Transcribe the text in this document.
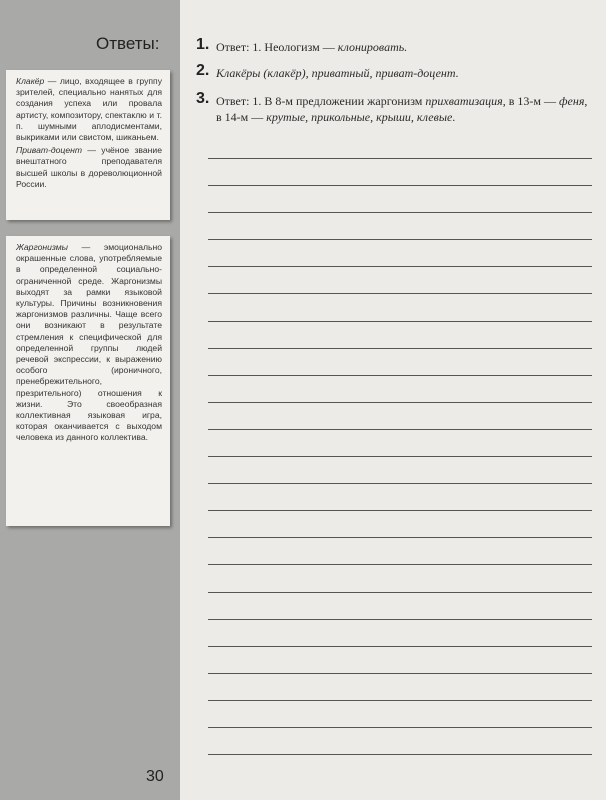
Ответы:

Клакёр — лицо, входящее в группу зрителей, специально нанятых для создания успеха или провала артисту, композитору, спектаклю и т. п. шумными аплодисментами, выкриками или свистом, шиканьем.

Приват-доцент — учёное звание внештатного преподавателя высшей школы в дореволюционной России.

Жаргонизмы — эмоционально окрашенные слова, употребляемые в определенной социально-ограниченной среде. Жаргонизмы выходят за рамки языковой культуры. Причины возникновения жаргонизмов различны. Чаще всего они возникают в результате стремления к специфической для определенной группы людей речевой экспрессии, к выражению особого (ироничного, пренебрежительного, презрительного) отношения к жизни. Это своеобразная коллективная языковая игра, которая оканчивается с выходом человека из данного коллектива.

30
1. Ответ: 1. Неологизм — клонировать.
2. Клакёры (клакёр), приватный, приват-доцент.
3. Ответ: 1. В 8-м предложении жаргонизм прихватизация, в 13-м — феня, в 14-м — крутые, прикольные, крыши, клевые.
